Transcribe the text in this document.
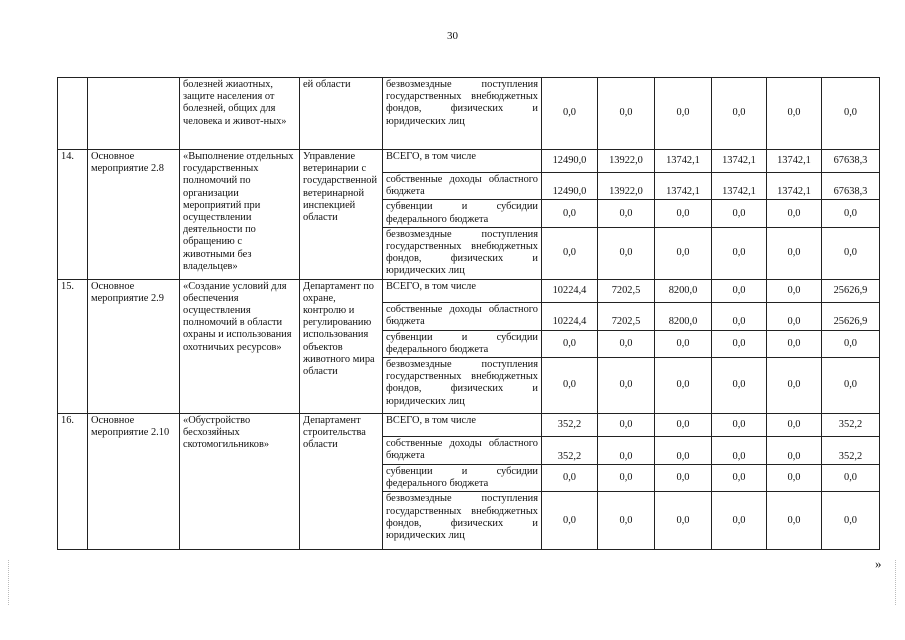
30
		болезней жиаотных, защите населения от болезней, общих для человека и живот-ных»	ей области	безвозмездные поступления государственных внебюджетных фондов, физических и юридических лиц	0,0	0,0	0,0	0,0	0,0	0,0
14.	Основное мероприятие 2.8	«Выполнение отдельных государственных полномочий по организации мероприятий при осуществлении деятельности по обращению с животными без владельцев»	Управление ветеринарии с государственной ветеринарной инспекцией области	ВСЕГО, в том числе	12490,0	13922,0	13742,1	13742,1	13742,1	67638,3
				собственные доходы областного бюджета	12490,0	13922,0	13742,1	13742,1	13742,1	67638,3
				субвенции и субсидии федерального бюджета	0,0	0,0	0,0	0,0	0,0	0,0
				безвозмездные поступления государственных внебюджетных фондов, физических и юридических лиц	0,0	0,0	0,0	0,0	0,0	0,0
15.	Основное мероприятие 2.9	«Создание условий для обеспечения осуществления полномочий в области охраны и использования охотничьих ресурсов»	Департамент по охране, контролю и регулированию использования объектов животного мира области	ВСЕГО, в том числе	10224,4	7202,5	8200,0	0,0	0,0	25626,9
				собственные доходы областного бюджета	10224,4	7202,5	8200,0	0,0	0,0	25626,9
				субвенции и субсидии федерального бюджета	0,0	0,0	0,0	0,0	0,0	0,0
				безвозмездные поступления государственных внебюджетных фондов, физических и юридических лиц	0,0	0,0	0,0	0,0	0,0	0,0
16.	Основное мероприятие 2.10	«Обустройство бесхозяйных скотомогильников»	Департамент строительства области	ВСЕГО, в том числе	352,2	0,0	0,0	0,0	0,0	352,2
				собственные доходы областного бюджета	352,2	0,0	0,0	0,0	0,0	352,2
				субвенции и субсидии федерального бюджета	0,0	0,0	0,0	0,0	0,0	0,0
				безвозмездные поступления государственных внебюджетных фондов, физических и юридических лиц	0,0	0,0	0,0	0,0	0,0	0,0
»
